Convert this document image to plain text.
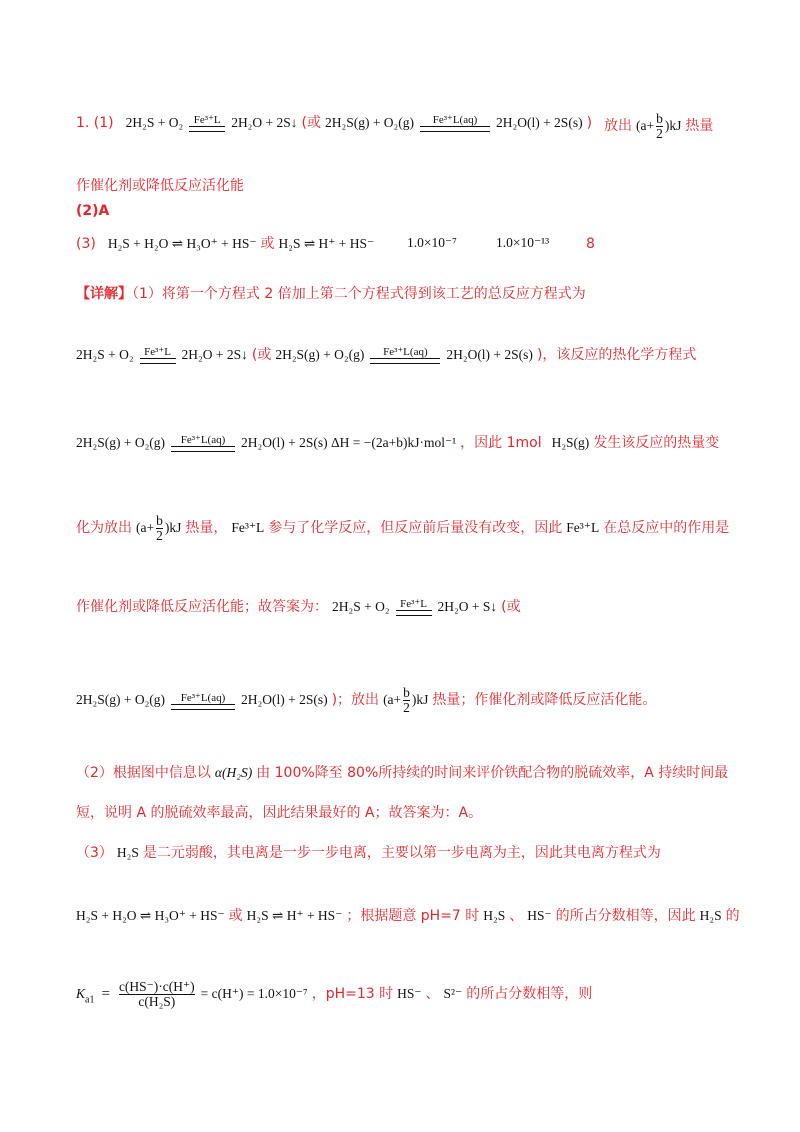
1. (1) 2H₂S + O₂ Fe³⁺L 2H₂O + 2S↓ (或 2H₂S(g) + O₂(g)	Fe³⁺L(aq)	2H₂O(l) + 2S(s) ) 放出 $(a+ \frac{b}{2} )kJ$ 热量
作催化剂或降低反应活化能
(2)A
(3) H₂S + H₂O ⇌ H₃O⁺ + HS⁻ 或 H₂S ⇌ H⁺ + HS⁻ 1.0×10⁻⁷	1.0×10⁻¹³	8
【详解】（1）将第一个方程式 2 倍加上第二个方程式得到该工艺的总反应方程式为
2H₂S + O₂ Fe³⁺L 2H₂O + 2S↓ (或 2H₂S(g) + O₂(g)	Fe³⁺L(aq)	2H₂O(l) + 2S(s) )，该反应的热化学方程式
2H₂S(g) + O₂(g)	Fe³⁺L(aq)	2H₂O(l) + 2S(s) ΔH = −(2a+b)kJ·mol⁻¹ ，因此 1mol H₂S(g) 发生该反应的热量变
化为放出 $(a+ \frac{b}{2} )kJ$ 热量， Fe³⁺L 参与了化学反应，但反应前后量没有改变，因此 Fe³⁺L 在总反应中的作用是
作催化剂或降低反应活化能；故答案为： 2H₂S + O₂ Fe³⁺L 2H₂O + S↓ (或
2H₂S(g) + O₂(g)	Fe³⁺L(aq)	2H₂O(l) + 2S(s) )；放出 $(a+ \frac{b}{2} )kJ$ 热量；作催化剂或降低反应活化能。
（2）根据图中信息以 α(H₂S) 由 100%降至 80%所持续的时间来评价铁配合物的脱硫效率，A 持续时间最
短，说明 A 的脱硫效率最高，因此结果最好的 A；故答案为：A。
（3） H₂S 是二元弱酸，其电离是一步一步电离，主要以第一步电离为主，因此其电离方程式为
H₂S + H₂O ⇌ H₃O⁺ + HS⁻ 或 H₂S ⇌ H⁺ + HS⁻ ；根据题意 pH=7 时 H₂S 、 HS⁻ 的所占分数相等，因此 H₂S 的
$K_{a1} = \frac{c(HS^-)\cdot c(H^+)}{\text{c(H₂S)}} = c(H^+) = 1.0\times 10^{-7}$ ，pH=13 时 HS⁻ 、 S²⁻ 的所占分数相等，则
